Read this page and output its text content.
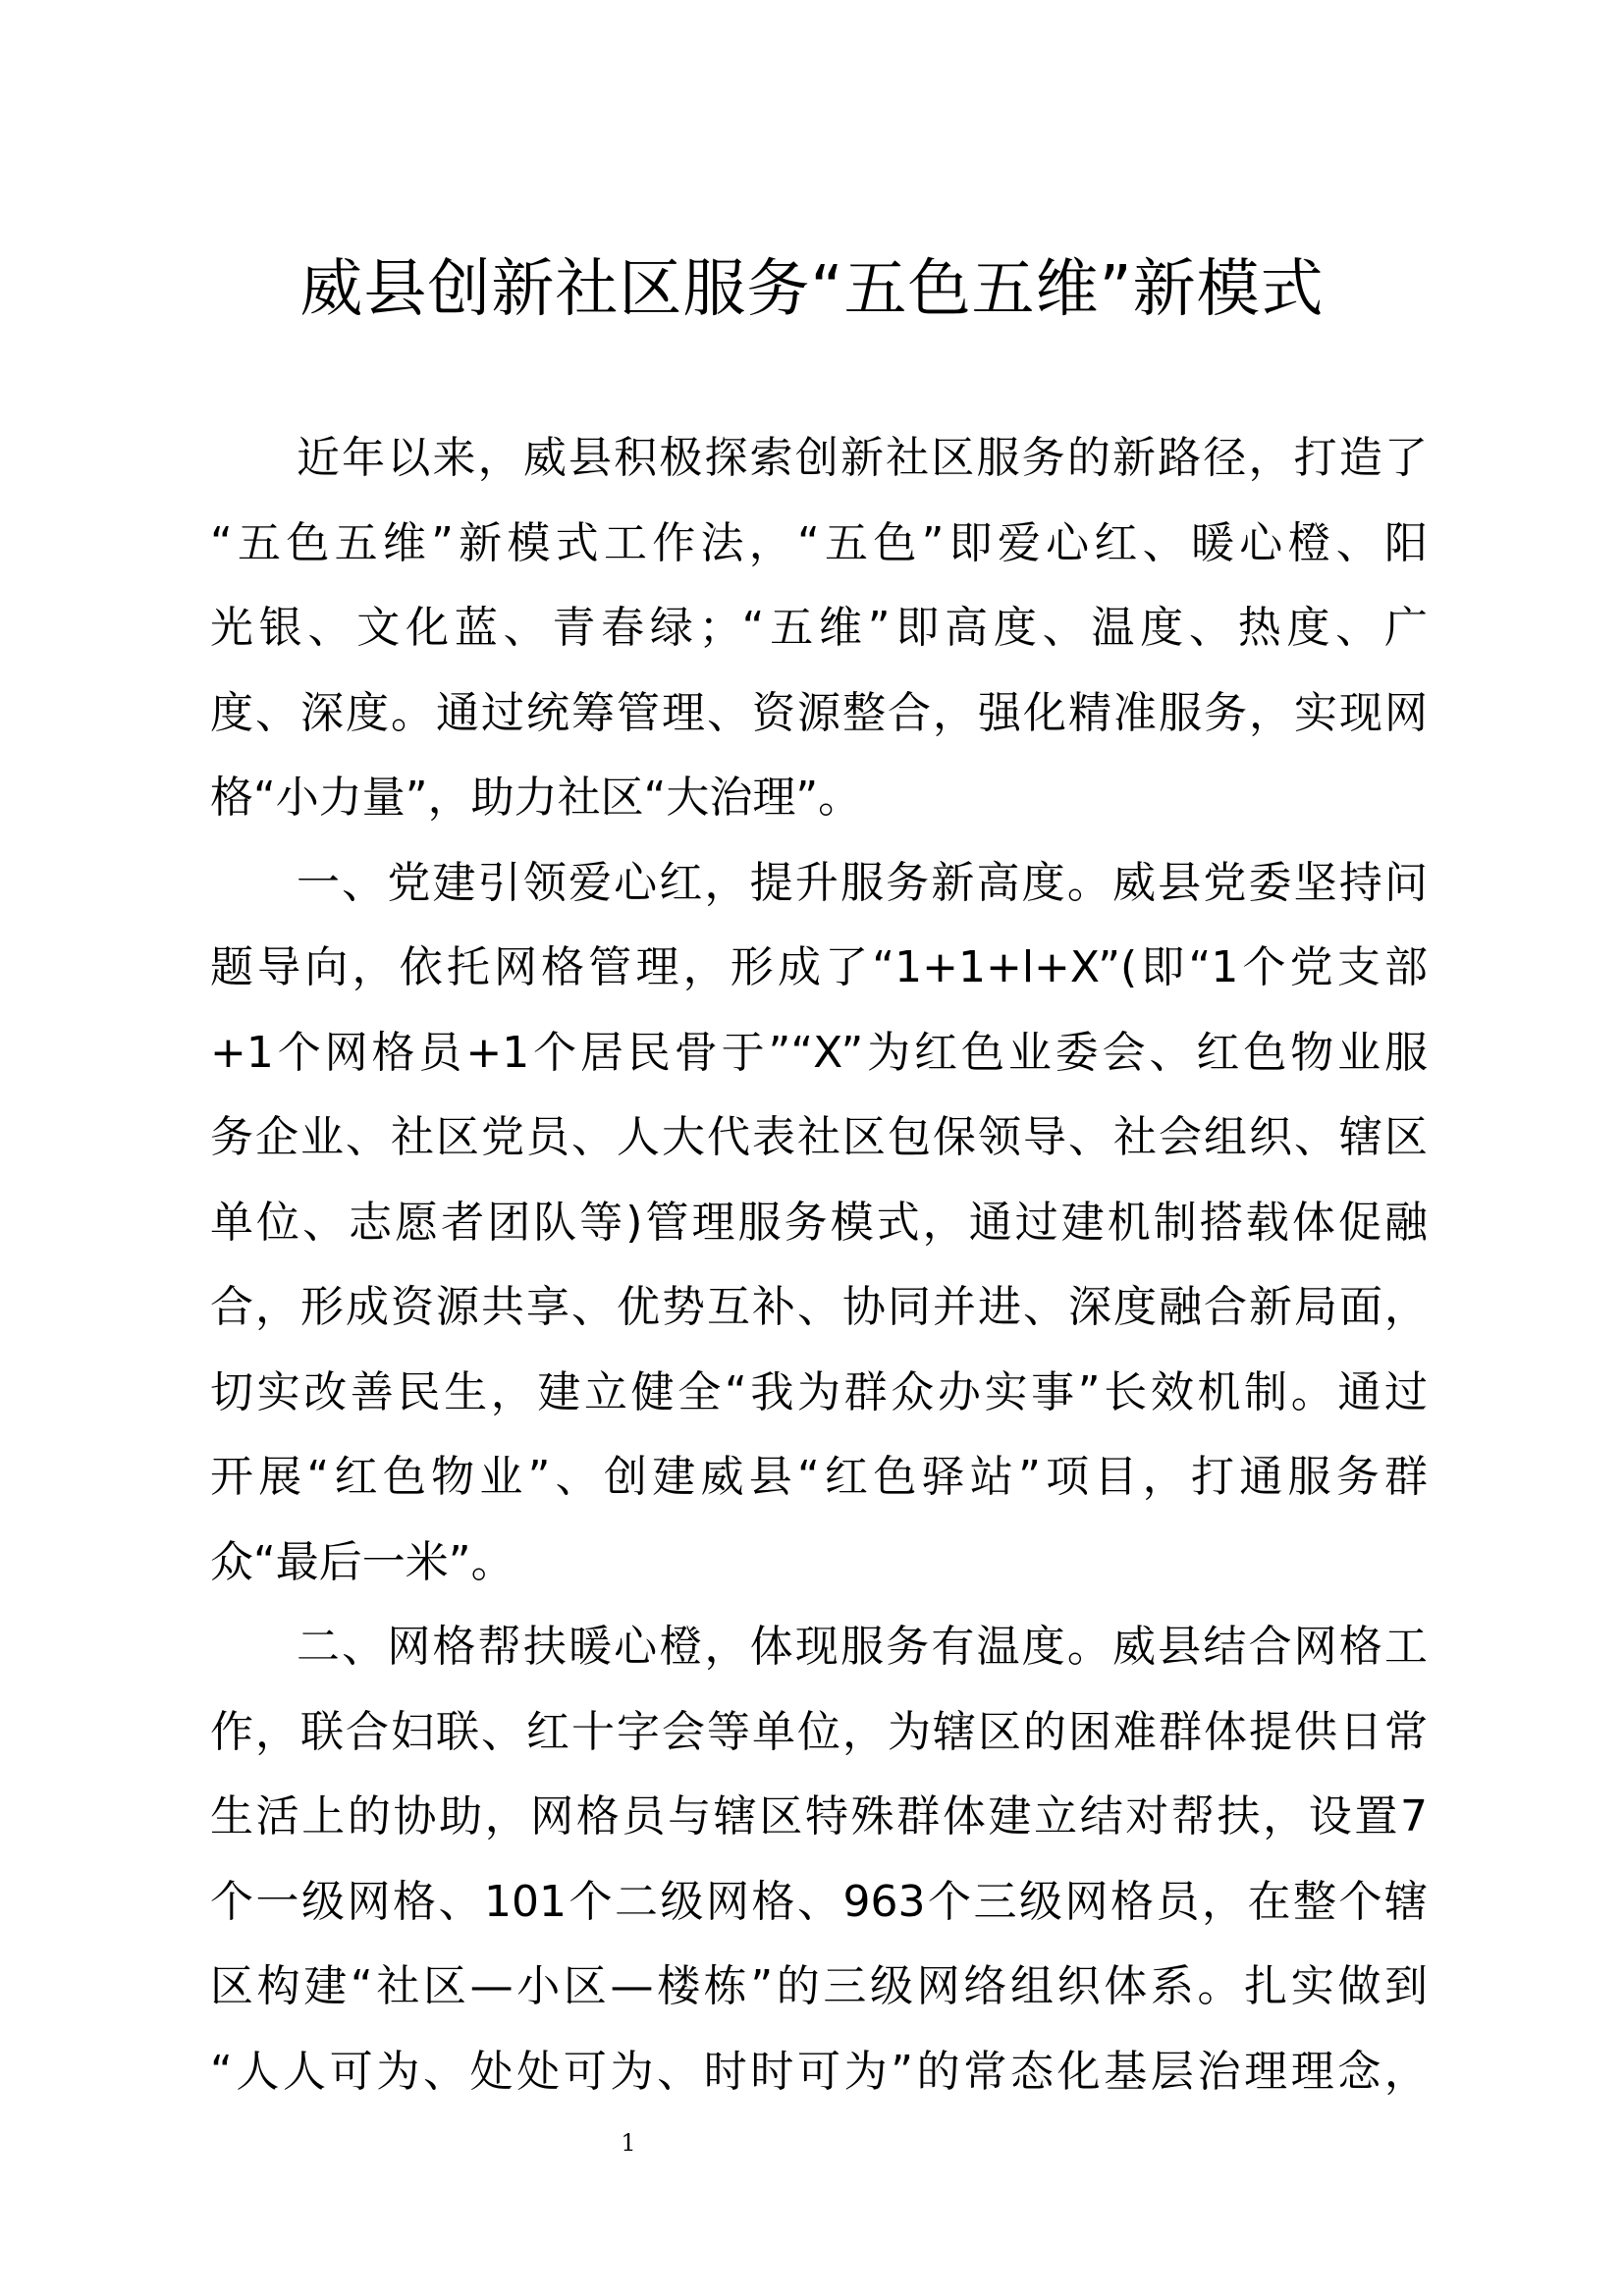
威县创新社区服务“五色五维”新模式
近年以来，威县积极探索创新社区服务的新路径，打造了
“五色五维”新模式工作法，“五色”即爱心红、暖心橙、阳
光银、文化蓝、青春绿；“五维”即高度、温度、热度、广
度、深度。通过统筹管理、资源整合，强化精准服务，实现网
格“小力量”，助力社区“大治理”。
一、党建引领爱心红，提升服务新高度。威县党委坚持问
题导向，依托网格管理，形成了“1+1+l+X”(即“1个党支部
+1个网格员+1个居民骨于”“X”为红色业委会、红色物业服
务企业、社区党员、人大代表社区包保领导、社会组织、辖区
单位、志愿者团队等)管理服务模式，通过建机制搭载体促融
合，形成资源共享、优势互补、协同并进、深度融合新局面，
切实改善民生，建立健全“我为群众办实事”长效机制。通过
开展“红色物业”、创建威县“红色驿站”项目，打通服务群
众“最后一米”。
二、网格帮扶暖心橙，体现服务有温度。威县结合网格工
作，联合妇联、红十字会等单位，为辖区的困难群体提供日常
生活上的协助，网格员与辖区特殊群体建立结对帮扶，设置7
个一级网格、101个二级网格、963个三级网格员，在整个辖
区构建“社区—小区—楼栋”的三级网络组织体系。扎实做到
“人人可为、处处可为、时时可为”的常态化基层治理理念，
1
